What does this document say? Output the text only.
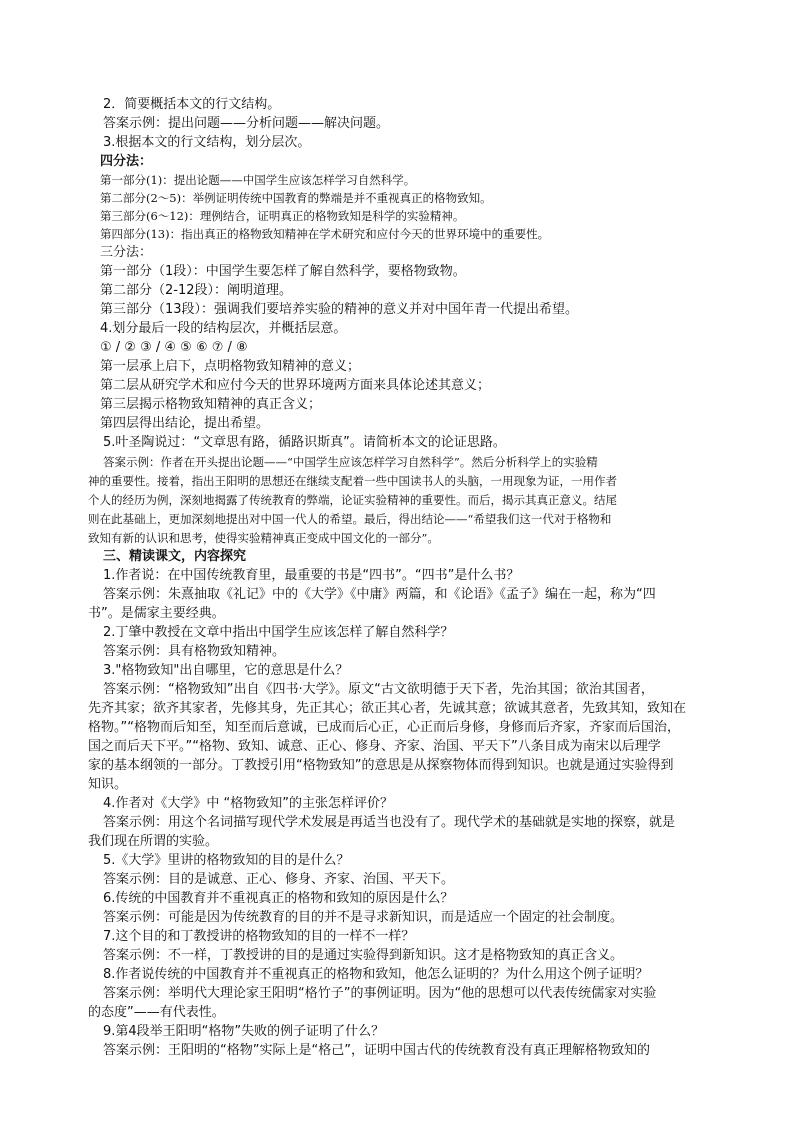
2．简要概括本文的行文结构。
答案示例：提出问题——分析问题——解决问题。
3.根据本文的行文结构，划分层次。
四分法：
第一部分(1)：提出论题——中国学生应该怎样学习自然科学。
第二部分(2～5)：举例证明传统中国教育的弊端是并不重视真正的格物致知。
第三部分(6～12)：理例结合，证明真正的格物致知是科学的实验精神。
第四部分(13)：指出真正的格物致知精神在学术研究和应付今天的世界环境中的重要性。
三分法：
第一部分（1段）：中国学生要怎样了解自然科学，要格物致物。
第二部分（2-12段）：阐明道理。
第三部分（13段）：强调我们要培养实验的精神的意义并对中国年青一代提出希望。
4.划分最后一段的结构层次，并概括层意。
① / ② ③ / ④ ⑤ ⑥ ⑦ / ⑧
第一层承上启下，点明格物致知精神的意义；
第二层从研究学术和应付今天的世界环境两方面来具体论述其意义；
第三层揭示格物致知精神的真正含义；
第四层得出结论，提出希望。
5.叶圣陶说过：“文章思有路，循路识斯真”。请简析本文的论证思路。
答案示例：作者在开头提出论题——“中国学生应该怎样学习自然科学”。然后分析科学上的实验精
神的重要性。接着，指出王阳明的思想还在继续支配着一些中国读书人的头脑，一用现象为证，一用作者
个人的经历为例，深刻地揭露了传统教育的弊端，论证实验精神的重要性。而后，揭示其真正意义。结尾
则在此基础上，更加深刻地提出对中国一代人的希望。最后，得出结论——“希望我们这一代对于格物和
致知有新的认识和思考，使得实验精神真正变成中国文化的一部分”。
三、精读课文，内容探究
1.作者说：在中国传统教育里，最重要的书是“四书”。“四书”是什么书？
答案示例：朱熹抽取《礼记》中的《大学》《中庸》两篇，和《论语》《孟子》编在一起，称为“四
书”。是儒家主要经典。
2.丁肇中教授在文章中指出中国学生应该怎样了解自然科学？
答案示例：具有格物致知精神。
3."格物致知"出自哪里，它的意思是什么？
答案示例：“格物致知”出自《四书·大学》。原文“古文欲明德于天下者，先治其国；欲治其国者，
先齐其家；欲齐其家者，先修其身，先正其心；欲正其心者，先诚其意；欲诚其意者，先致其知，致知在
格物。”“格物而后知至，知至而后意诚，已成而后心正，心正而后身修，身修而后齐家，齐家而后国治，
国之而后天下平。”“格物、致知、诚意、正心、修身、齐家、治国、平天下”八条目成为南宋以后理学
家的基本纲领的一部分。丁教授引用“格物致知”的意思是从探察物体而得到知识。也就是通过实验得到
知识。
4.作者对《大学》中 “格物致知”的主张怎样评价？
答案示例：用这个名词描写现代学术发展是再适当也没有了。现代学术的基础就是实地的探察，就是
我们现在所谓的实验。
5.《大学》里讲的格物致知的目的是什么？
答案示例：目的是诚意、正心、修身、齐家、治国、平天下。
6.传统的中国教育并不重视真正的格物和致知的原因是什么？
答案示例：可能是因为传统教育的目的并不是寻求新知识，而是适应一个固定的社会制度。
7.这个目的和丁教授讲的格物致知的目的一样不一样？
答案示例：不一样，丁教授讲的目的是通过实验得到新知识。这才是格物致知的真正含义。
8.作者说传统的中国教育并不重视真正的格物和致知，他怎么证明的？为什么用这个例子证明？
答案示例：举明代大理论家王阳明“格竹子”的事例证明。因为“他的思想可以代表传统儒家对实验
的态度”——有代表性。
9.第4段举王阳明“格物”失败的例子证明了什么？
答案示例：王阳明的“格物”实际上是“格己”，证明中国古代的传统教育没有真正理解格物致知的
